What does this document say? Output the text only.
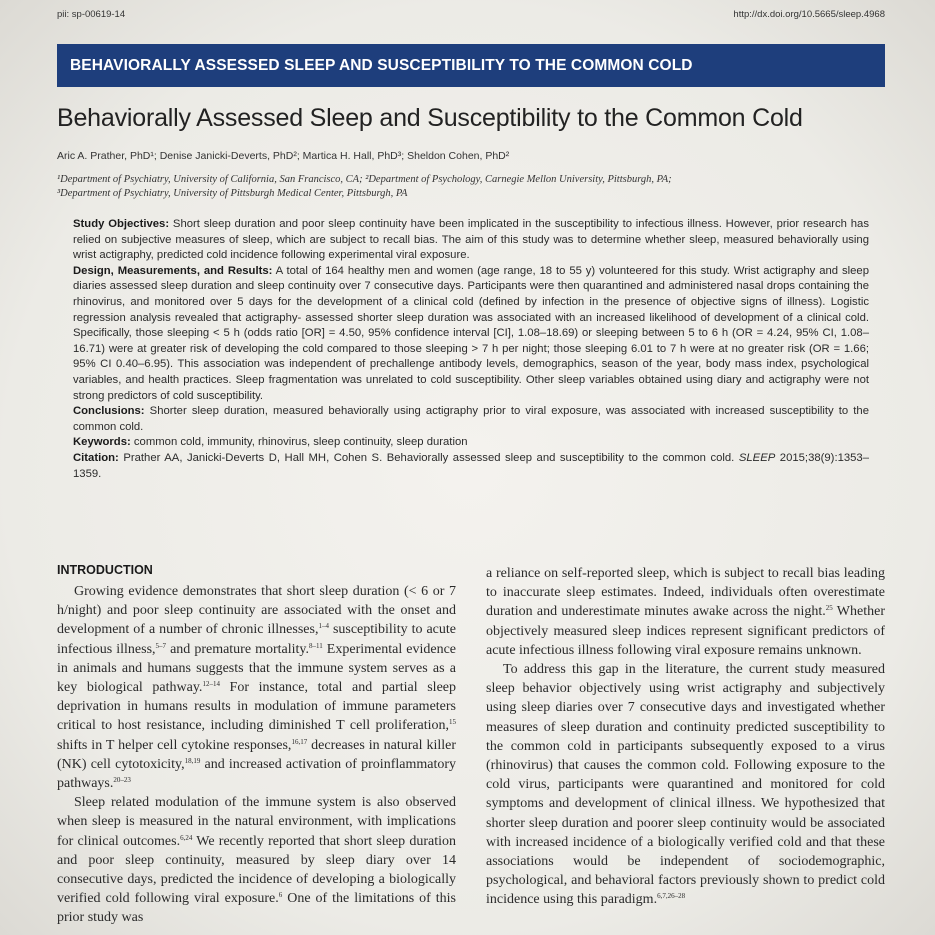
pii: sp-00619-14	http://dx.doi.org/10.5665/sleep.4968
BEHAVIORALLY ASSESSED SLEEP AND SUSCEPTIBILITY TO THE COMMON COLD
Behaviorally Assessed Sleep and Susceptibility to the Common Cold
Aric A. Prather, PhD¹; Denise Janicki-Deverts, PhD²; Martica H. Hall, PhD³; Sheldon Cohen, PhD²
¹Department of Psychiatry, University of California, San Francisco, CA; ²Department of Psychology, Carnegie Mellon University, Pittsburgh, PA;
³Department of Psychiatry, University of Pittsburgh Medical Center, Pittsburgh, PA

Study Objectives: Short sleep duration and poor sleep continuity have been implicated in the susceptibility to infectious illness. However, prior research has relied on subjective measures of sleep, which are subject to recall bias. The aim of this study was to determine whether sleep, measured behaviorally using wrist actigraphy, predicted cold incidence following experimental viral exposure.

Design, Measurements, and Results: A total of 164 healthy men and women (age range, 18 to 55 y) volunteered for this study. Wrist actigraphy and sleep diaries assessed sleep duration and sleep continuity over 7 consecutive days. Participants were then quarantined and administered nasal drops containing the rhinovirus, and monitored over 5 days for the development of a clinical cold (defined by infection in the presence of objective signs of illness). Logistic regression analysis revealed that actigraphy- assessed shorter sleep duration was associated with an increased likelihood of development of a clinical cold. Specifically, those sleeping < 5 h (odds ratio [OR] = 4.50, 95% confidence interval [CI], 1.08–18.69) or sleeping between 5 to 6 h (OR = 4.24, 95% CI, 1.08–16.71) were at greater risk of developing the cold compared to those sleeping > 7 h per night; those sleeping 6.01 to 7 h were at no greater risk (OR = 1.66; 95% CI 0.40–6.95). This association was independent of prechallenge antibody levels, demographics, season of the year, body mass index, psychological variables, and health practices. Sleep fragmentation was unrelated to cold susceptibility. Other sleep variables obtained using diary and actigraphy were not strong predictors of cold susceptibility.

Conclusions: Shorter sleep duration, measured behaviorally using actigraphy prior to viral exposure, was associated with increased susceptibility to the common cold.

Keywords: common cold, immunity, rhinovirus, sleep continuity, sleep duration

Citation: Prather AA, Janicki-Deverts D, Hall MH, Cohen S. Behaviorally assessed sleep and susceptibility to the common cold. SLEEP 2015;38(9):1353–1359.

INTRODUCTION

Growing evidence demonstrates that short sleep duration (< 6 or 7 h/night) and poor sleep continuity are associated with the onset and development of a number of chronic illnesses,$^{1-4}$ susceptibility to acute infectious illness,$^{5-7}$ and premature mortality.$^{8-11}$ Experimental evidence in animals and humans suggests that the immune system serves as a key biological pathway.$^{12-14}$ For instance, total and partial sleep deprivation in humans results in modulation of immune parameters critical to host resistance, including diminished T cell proliferation,$^{15}$ shifts in T helper cell cytokine responses,$^{16,17}$ decreases in natural killer (NK) cell cytotoxicity,$^{18,19}$ and increased activation of proinflammatory pathways.$^{20-23}$

Sleep related modulation of the immune system is also observed when sleep is measured in the natural environment, with implications for clinical outcomes.$^{6,24}$ We recently reported that short sleep duration and poor sleep continuity, measured by sleep diary over 14 consecutive days, predicted the incidence of developing a biologically verified cold following viral exposure.$^6$ One of the limitations of this prior study was

a reliance on self-reported sleep, which is subject to recall bias leading to inaccurate sleep estimates. Indeed, individuals often overestimate duration and underestimate minutes awake across the night.$^{25}$ Whether objectively measured sleep indices represent significant predictors of acute infectious illness following viral exposure remains unknown.

To address this gap in the literature, the current study measured sleep behavior objectively using wrist actigraphy and subjectively using sleep diaries over 7 consecutive days and investigated whether measures of sleep duration and continuity predicted susceptibility to the common cold in participants subsequently exposed to a virus (rhinovirus) that causes the common cold. Following exposure to the cold virus, participants were quarantined and monitored for cold symptoms and development of clinical illness. We hypothesized that shorter sleep duration and poorer sleep continuity would be associated with increased incidence of a biologically verified cold and that these associations would be independent of sociodemographic, psychological, and behavioral factors previously shown to predict cold incidence using this paradigm.$^{6,7,26-28}$
